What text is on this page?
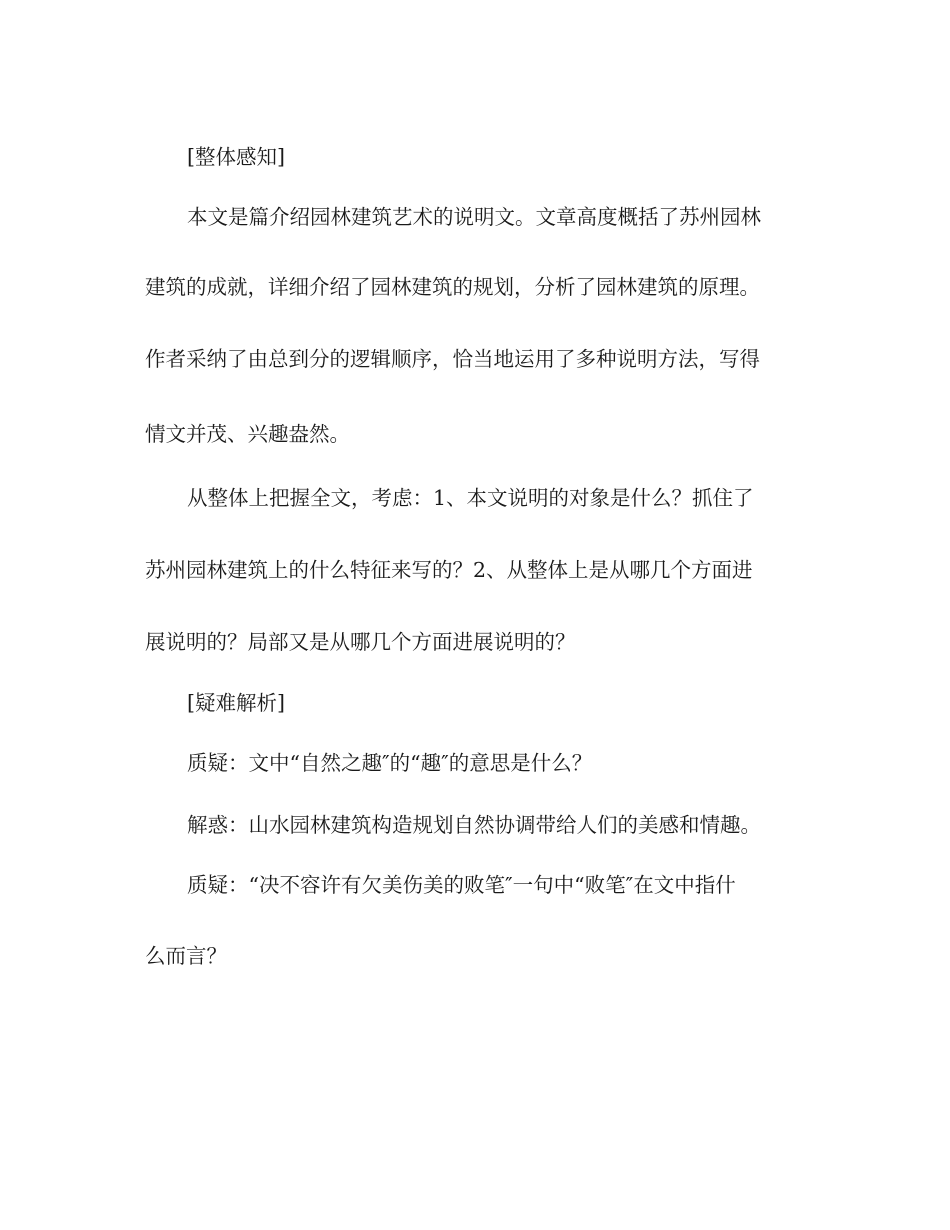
[整体感知]
本文是篇介绍园林建筑艺术的说明文。文章高度概括了苏州园林
建筑的成就，详细介绍了园林建筑的规划，分析了园林建筑的原理。
作者采纳了由总到分的逻辑顺序，恰当地运用了多种说明方法，写得
情文并茂、兴趣盎然。
从整体上把握全文，考虑：1、本文说明的对象是什么？抓住了
苏州园林建筑上的什么特征来写的？2、从整体上是从哪几个方面进
展说明的？局部又是从哪几个方面进展说明的？
[疑难解析]
质疑：文中“自然之趣″的“趣″的意思是什么？
解惑：山水园林建筑构造规划自然协调带给人们的美感和情趣。
质疑：“决不容许有欠美伤美的败笔″一句中“败笔″在文中指什
么而言？
